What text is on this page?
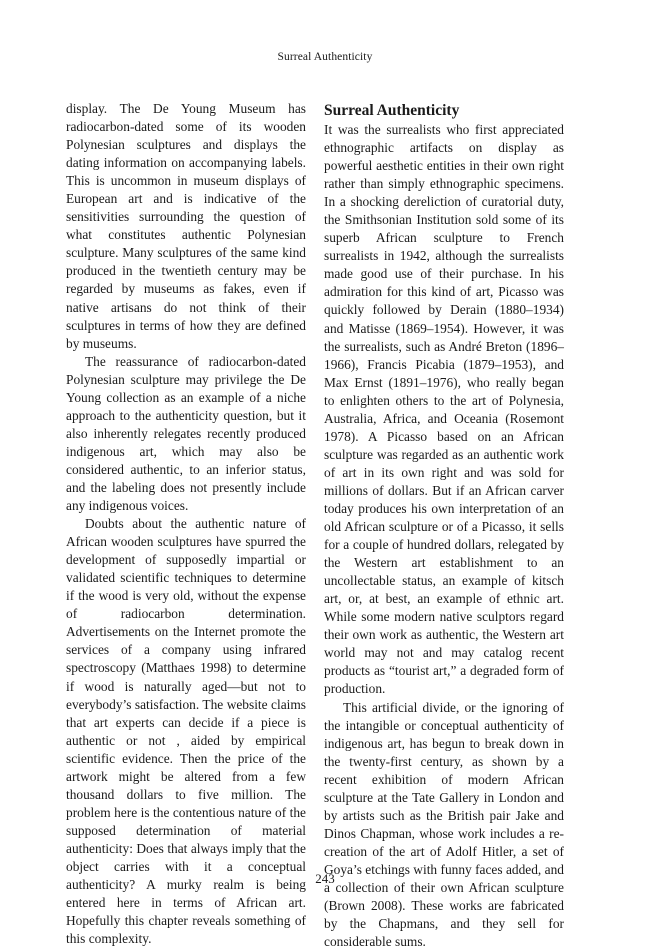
Surreal Authenticity

display. The De Young Museum has radiocarbon-dated some of its wooden Polynesian sculptures and displays the dating information on accompanying labels. This is uncommon in museum displays of European art and is indicative of the sensitivities surrounding the question of what constitutes authentic Polynesian sculpture. Many sculptures of the same kind produced in the twentieth century may be regarded by museums as fakes, even if native artisans do not think of their sculptures in terms of how they are defined by museums.

The reassurance of radiocarbon-dated Polynesian sculpture may privilege the De Young collection as an example of a niche approach to the authenticity question, but it also inherently relegates recently produced indigenous art, which may also be considered authentic, to an inferior status, and the labeling does not presently include any indigenous voices.

Doubts about the authentic nature of African wooden sculptures have spurred the development of supposedly impartial or validated scientific techniques to determine if the wood is very old, without the expense of radiocarbon determination. Advertisements on the Internet promote the services of a company using infrared spectroscopy (Matthaes 1998) to determine if wood is naturally aged—but not to everybody’s satisfaction. The website claims that art experts can decide if a piece is authentic or not , aided by empirical scientific evidence. Then the price of the artwork might be altered from a few thousand dollars to five million. The problem here is the contentious nature of the supposed determination of material authenticity: Does that always imply that the object carries with it a conceptual authenticity? A murky realm is being entered here in terms of African art. Hopefully this chapter reveals something of this complexity.

Surreal Authenticity

It was the surrealists who first appreciated ethnographic artifacts on display as powerful aesthetic entities in their own right rather than simply ethnographic specimens. In a shocking dereliction of curatorial duty, the Smithsonian Institution sold some of its superb African sculpture to French surrealists in 1942, although the surrealists made good use of their purchase. In his admiration for this kind of art, Picasso was quickly followed by Derain (1880–1934) and Matisse (1869–1954). However, it was the surrealists, such as André Breton (1896–1966), Francis Picabia (1879–1953), and Max Ernst (1891–1976), who really began to enlighten others to the art of Polynesia, Australia, Africa, and Oceania (Rosemont 1978). A Picasso based on an African sculpture was regarded as an authentic work of art in its own right and was sold for millions of dollars. But if an African carver today produces his own interpretation of an old African sculpture or of a Picasso, it sells for a couple of hundred dollars, relegated by the Western art establishment to an uncollectable status, an example of kitsch art, or, at best, an example of ethnic art. While some modern native sculptors regard their own work as authentic, the Western art world may not and may catalog recent products as “tourist art,” a degraded form of production.

This artificial divide, or the ignoring of the intangible or conceptual authenticity of indigenous art, has begun to break down in the twenty-first century, as shown by a recent exhibition of modern African sculpture at the Tate Gallery in London and by artists such as the British pair Jake and Dinos Chapman, whose work includes a re-creation of the art of Adolf Hitler, a set of Goya’s etchings with funny faces added, and a collection of their own African sculpture (Brown 2008). These works are fabricated by the Chapmans, and they sell for considerable sums.

243
